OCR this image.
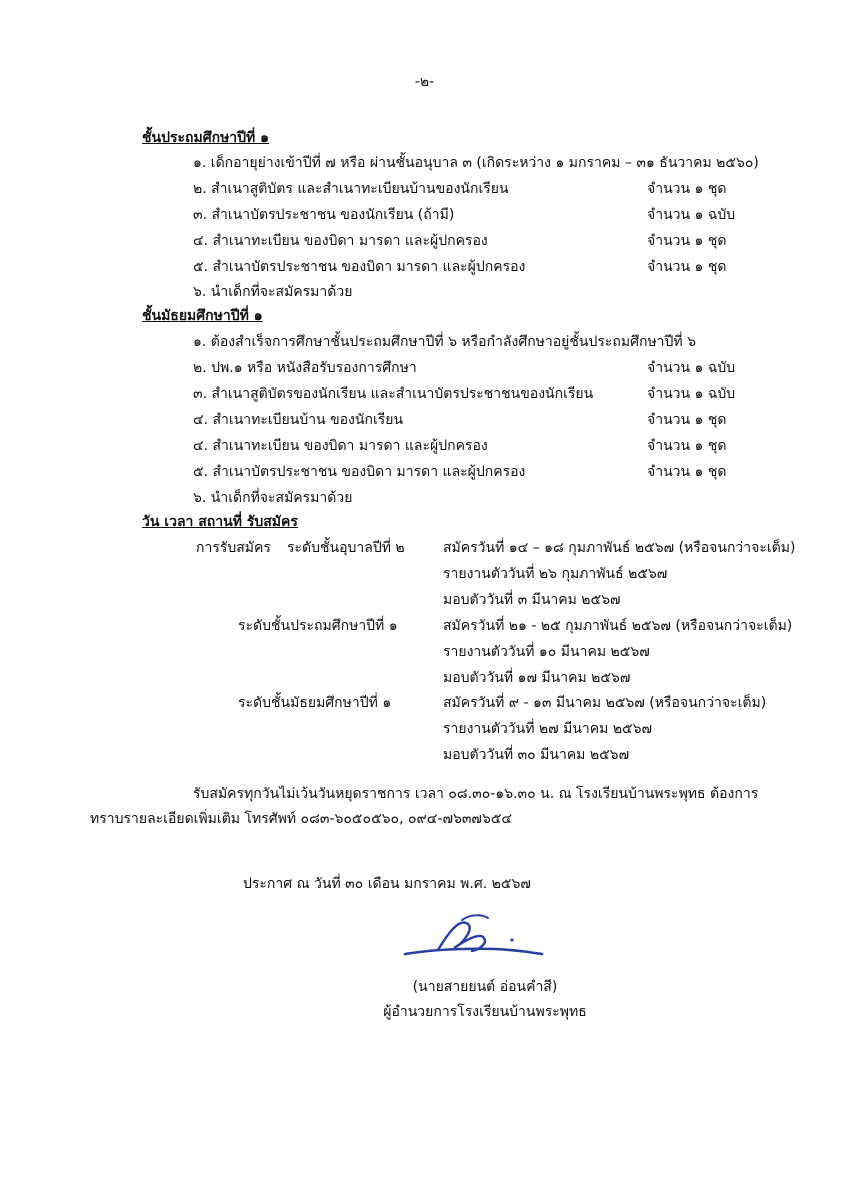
-๒-
ชั้นประถมศึกษาปีที่ ๑
๑. เด็กอายุย่างเข้าปีที่ ๗ หรือ ผ่านชั้นอนุบาล ๓ (เกิดระหว่าง ๑ มกราคม – ๓๑ ธันวาคม ๒๕๖๐)
๒. สำเนาสูติบัตร และสำเนาทะเบียนบ้านของนักเรียน	จำนวน ๑ ชุด
๓. สำเนาบัตรประชาชน ของนักเรียน (ถ้ามี)	จำนวน ๑ ฉบับ
๔. สำเนาทะเบียน ของบิดา มารดา และผู้ปกครอง	จำนวน ๑ ชุด
๕. สำเนาบัตรประชาชน ของบิดา มารดา และผู้ปกครอง	จำนวน ๑ ชุด
๖. นำเด็กที่จะสมัครมาด้วย
ชั้นมัธยมศึกษาปีที่ ๑
๑. ต้องสำเร็จการศึกษาชั้นประถมศึกษาปีที่ ๖ หรือกำลังศึกษาอยู่ชั้นประถมศึกษาปีที่ ๖
๒. ปพ.๑ หรือ หนังสือรับรองการศึกษา	จำนวน ๑ ฉบับ
๓. สำเนาสูติบัตรของนักเรียน และสำเนาบัตรประชาชนของนักเรียน	จำนวน ๑ ฉบับ
๔. สำเนาทะเบียนบ้าน ของนักเรียน	จำนวน ๑ ชุด
๔. สำเนาทะเบียน ของบิดา มารดา และผู้ปกครอง	จำนวน ๑ ชุด
๕. สำเนาบัตรประชาชน ของบิดา มารดา และผู้ปกครอง	จำนวน ๑ ชุด
๖. นำเด็กที่จะสมัครมาด้วย
วัน เวลา สถานที่ รับสมัคร
การรับสมัคร ระดับชั้นอุบาลปีที่ ๒	สมัครวันที่ ๑๔ – ๑๘ กุมภาพันธ์ ๒๕๖๗ (หรือจนกว่าจะเต็ม)
รายงานตัววันที่ ๒๖ กุมภาพันธ์ ๒๕๖๗
มอบตัววันที่ ๓ มีนาคม ๒๕๖๗
ระดับชั้นประถมศึกษาปีที่ ๑	สมัครวันที่ ๒๑ - ๒๕ กุมภาพันธ์ ๒๕๖๗ (หรือจนกว่าจะเต็ม)
รายงานตัววันที่ ๑๐ มีนาคม ๒๕๖๗
มอบตัววันที่ ๑๗ มีนาคม ๒๕๖๗
ระดับชั้นมัธยมศึกษาปีที่ ๑	สมัครวันที่ ๙ - ๑๓ มีนาคม ๒๕๖๗ (หรือจนกว่าจะเต็ม)
รายงานตัววันที่ ๒๗ มีนาคม ๒๕๖๗
มอบตัววันที่ ๓๐ มีนาคม ๒๕๖๗
รับสมัครทุกวันไม่เว้นวันหยุดราชการ เวลา ๐๘.๓๐-๑๖.๓๐ น. ณ โรงเรียนบ้านพระพุทธ ต้องการ
ทราบรายละเอียดเพิ่มเติม โทรศัพท์ ๐๘๓-๖๐๕๐๕๖๐, ๐๙๔-๗๖๓๗๖๕๔
ประกาศ ณ วันที่ ๓๐ เดือน มกราคม พ.ศ. ๒๕๖๗
(นายสายยนต์ อ่อนคำสี)
ผู้อำนวยการโรงเรียนบ้านพระพุทธ
